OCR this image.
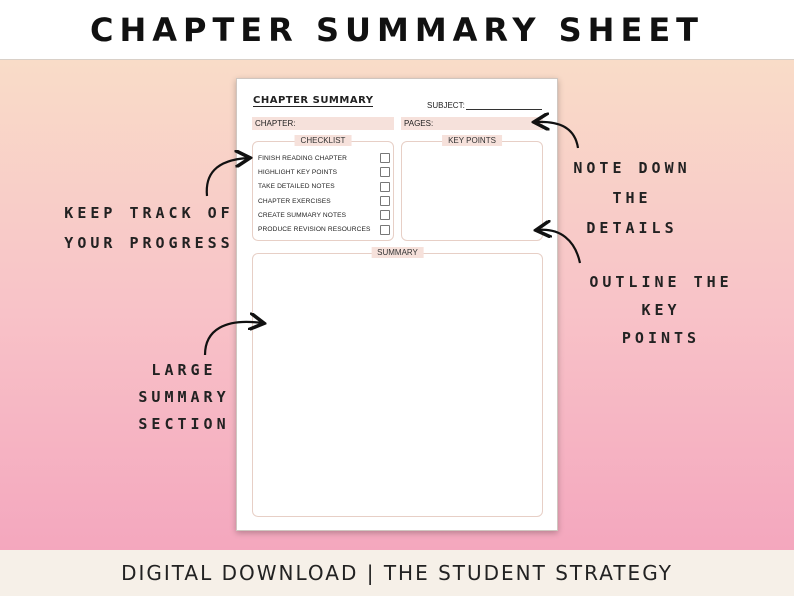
CHAPTER SUMMARY SHEET
CHAPTER SUMMARY	SUBJECT:
CHAPTER:	PAGES:
CHECKLIST
FINISH READING CHAPTER
HIGHLIGHT KEY POINTS
TAKE DETAILED NOTES
CHAPTER EXERCISES
CREATE SUMMARY NOTES
PRODUCE REVISION RESOURCES
KEY POINTS
SUMMARY
KEEP TRACK OF
YOUR PROGRESS
LARGE
SUMMARY
SECTION
NOTE DOWN
THE DETAILS
OUTLINE THE KEY
POINTS

DIGITAL DOWNLOAD | THE STUDENT STRATEGY
